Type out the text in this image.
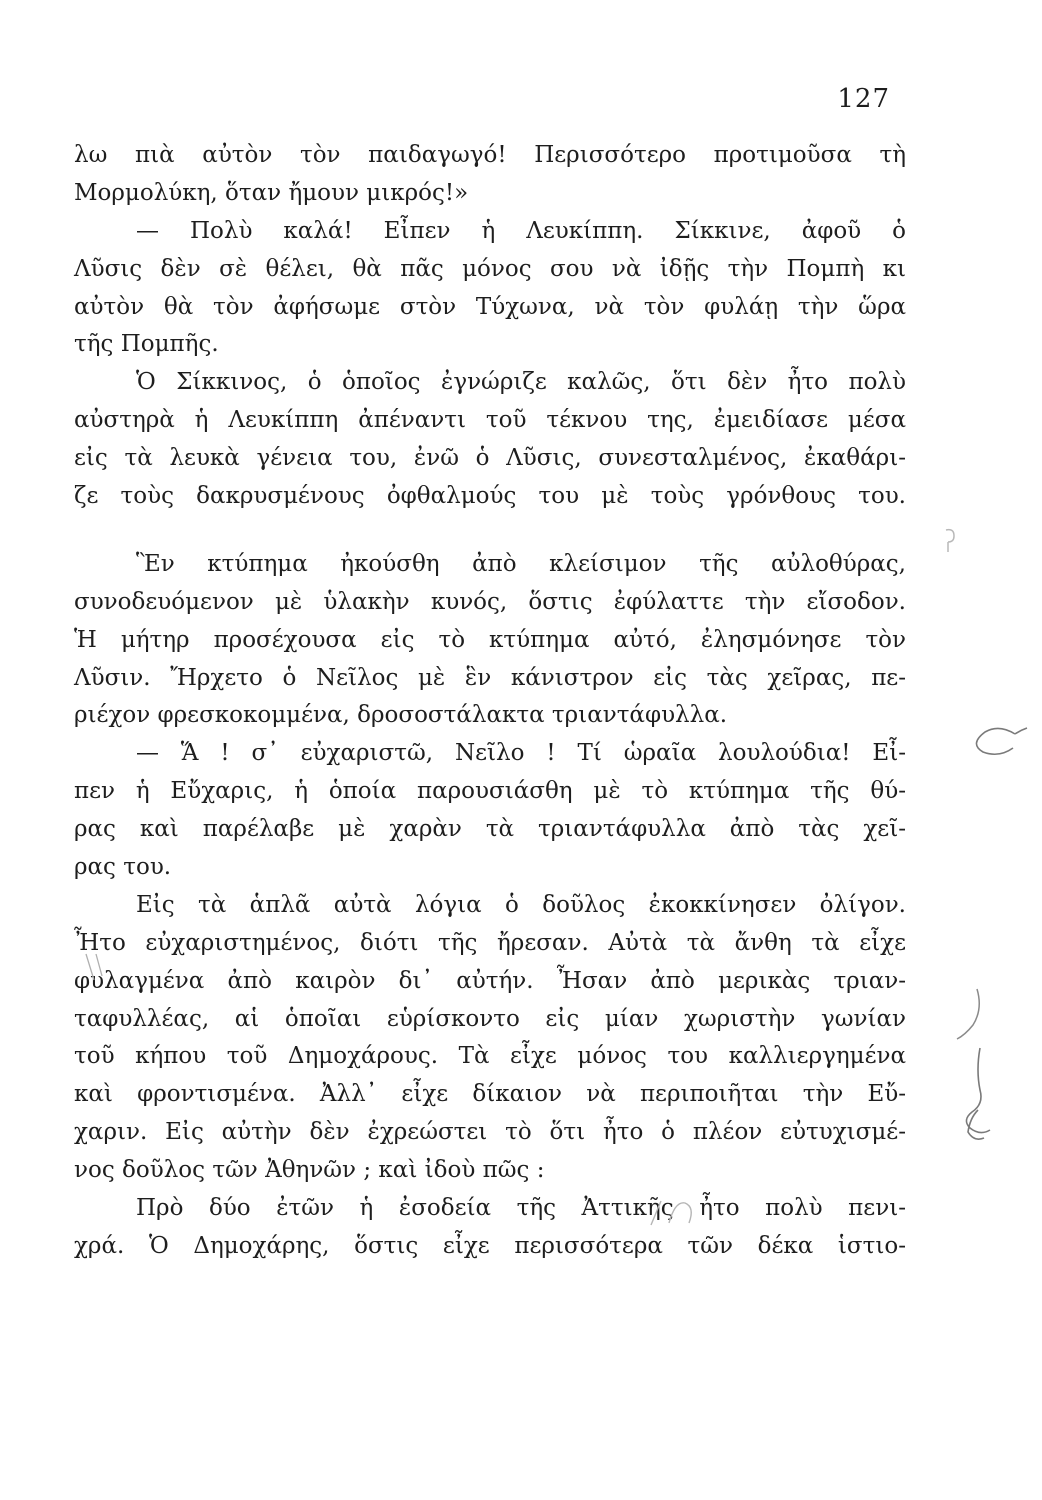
127
λω πιὰ αὐτὸν τὸν παιδαγωγό! Περισσότερο προτιμοῦσα τὴ
Μορμολύκη, ὅταν ἤμουν μικρός!»
— Πολὺ καλά! Εἶπεν ἡ Λευκίππη. Σίκκινε, ἀφοῦ ὁ
Λῦσις δὲν σὲ θέλει, θὰ πᾶς μόνος σου νὰ ἰδῇς τὴν Πομπὴ κι
αὐτὸν θὰ τὸν ἀφήσωμε στὸν Τύχωνα, νὰ τὸν φυλάῃ τὴν ὥρα
τῆς Πομπῆς.
Ὁ Σίκκινος, ὁ ὁποῖος ἐγνώριζε καλῶς, ὅτι δὲν ἦτο πολὺ
αὐστηρὰ ἡ Λευκίππη ἀπέναντι τοῦ τέκνου της, ἐμειδίασε μέσα
εἰς τὰ λευκὰ γένεια του, ἐνῶ ὁ Λῦσις, συνεσταλμένος, ἐκαθάρι-
ζε τοὺς δακρυσμένους ὀφθαλμούς του μὲ τοὺς γρόνθους του.
Ἓν κτύπημα ἠκούσθη ἀπὸ κλείσιμον τῆς αὐλοθύρας,
συνοδευόμενον μὲ ὑλακὴν κυνός, ὅστις ἐφύλαττε τὴν εἴσοδον.
Ἡ μήτηρ προσέχουσα εἰς τὸ κτύπημα αὐτό, ἐλησμόνησε τὸν
Λῦσιν. Ἤρχετο ὁ Νεῖλος μὲ ἓν κάνιστρον εἰς τὰς χεῖρας, πε-
ριέχον φρεσκοκομμένα, δροσοστάλακτα τριαντάφυλλα.
— Ἅ ! σ᾽ εὐχαριστῶ, Νεῖλο ! Τί ὡραῖα λουλούδια! Εἶ-
πεν ἡ Εὔχαρις, ἡ ὁποία παρουσιάσθη μὲ τὸ κτύπημα τῆς θύ-
ρας καὶ παρέλαβε μὲ χαρὰν τὰ τριαντάφυλλα ἀπὸ τὰς χεῖ-
ρας του.
Εἰς τὰ ἁπλᾶ αὐτὰ λόγια ὁ δοῦλος ἐκοκκίνησεν ὀλίγον.
Ἦτο εὐχαριστημένος, διότι τῆς ἤρεσαν. Αὐτὰ τὰ ἄνθη τὰ εἶχε
φυλαγμένα ἀπὸ καιρὸν δι᾽ αὐτήν. Ἦσαν ἀπὸ μερικὰς τριαν-
ταφυλλέας, αἱ ὁποῖαι εὑρίσκοντο εἰς μίαν χωριστὴν γωνίαν
τοῦ κήπου τοῦ Δημοχάρους. Τὰ εἶχε μόνος του καλλιεργημένα
καὶ φροντισμένα. Ἀλλ᾽ εἶχε δίκαιον νὰ περιποιῆται τὴν Εὔ-
χαριν. Εἰς αὐτὴν δὲν ἐχρεώστει τὸ ὅτι ἦτο ὁ πλέον εὐτυχισμέ-
νος δοῦλος τῶν Ἀθηνῶν ; καὶ ἰδοὺ πῶς :
Πρὸ δύο ἐτῶν ἡ ἐσοδεία τῆς Ἀττικῆς ἦτο πολὺ πενι-
χρά. Ὁ Δημοχάρης, ὅστις εἶχε περισσότερα τῶν δέκα ἱστιο-
